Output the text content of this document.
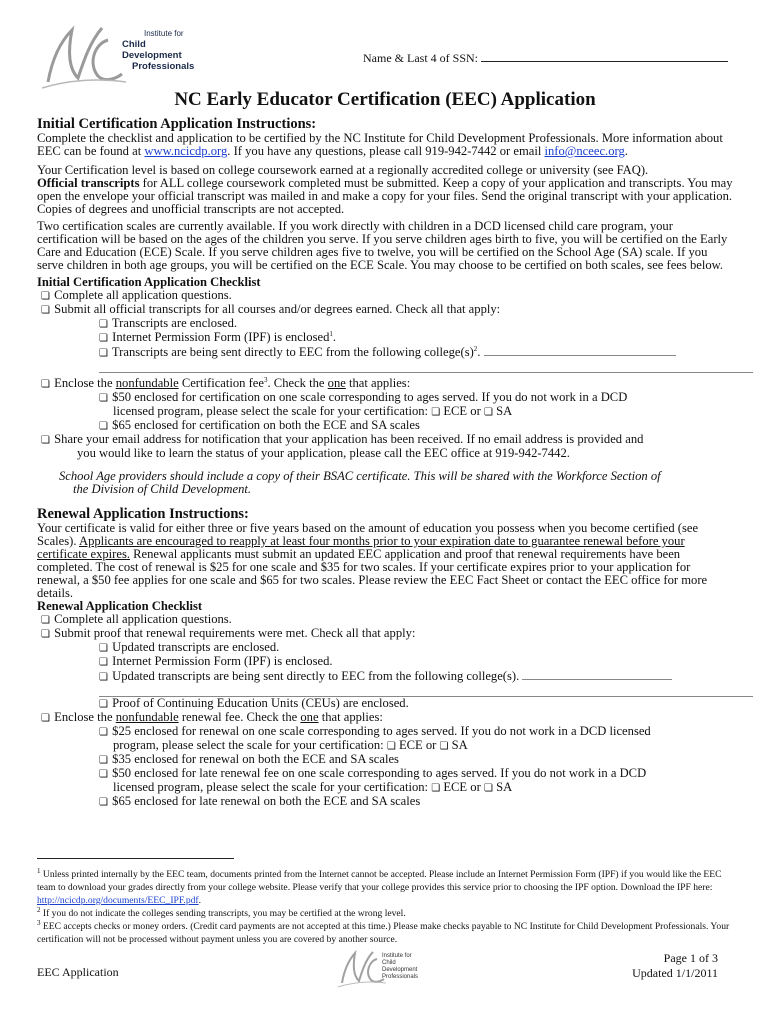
Institute for
Child Development
Professionals
Name & Last 4 of SSN:
NC Early Educator Certification (EEC) Application

Initial Certification Application Instructions:

Complete the checklist and application to be certified by the NC Institute for Child Development Professionals. More information about EEC can be found at www.ncicdp.org. If you have any questions, please call 919-942-7442 or email info@nceec.org.

Your Certification level is based on college coursework earned at a regionally accredited college or university (see FAQ).
Official transcripts for ALL college coursework completed must be submitted. Keep a copy of your application and transcripts. You may open the envelope your official transcript was mailed in and make a copy for your files. Send the original transcript with your application. Copies of degrees and unofficial transcripts are not accepted.

Two certification scales are currently available. If you work directly with children in a DCD licensed child care program, your certification will be based on the ages of the children you serve. If you serve children ages birth to five, you will be certified on the Early Care and Education (ECE) Scale. If you serve children ages five to twelve, you will be certified on the School Age (SA) scale. If you serve children in both age groups, you will be certified on the ECE Scale. You may choose to be certified on both scales, see fees below.

Initial Certification Application Checklist

❏ Complete all application questions.
❏ Submit all official transcripts for all courses and/or degrees earned. Check all that apply:
❏ Transcripts are enclosed.
❏ Internet Permission Form (IPF) is enclosed$^1$.
❏ Transcripts are being sent directly to EEC from the following $college(s)^2$.
❏ Enclose the nonfundable Certification fee$^3$. Check the one that applies:
❏ $50 enclosed for certification on one scale corresponding to ages served. If you do not work in a DCD
licensed program, please select the scale for your certification: ❏ ECE or ❏ SA
❏ $65 enclosed for certification on both the ECE and SA scales
❏ Share your email address for notification that your application has been received. If no email address is provided and
you would like to learn the status of your application, please call the EEC office at 919-942-7442.

School Age providers should include a copy of their BSAC certificate. This will be shared with the Workforce Section of
the Division of Child Development.

Renewal Application Instructions:

Your certificate is valid for either three or five years based on the amount of education you possess when you become certified (see Scales). Applicants are encouraged to reapply at least four months prior to your expiration date to guarantee renewal before your certificate expires. Renewal applicants must submit an updated EEC application and proof that renewal requirements have been completed. The cost of renewal is $25 for one scale and $35 for two scales. If your certificate expires prior to your application for renewal, a $50 fee applies for one scale and $65 for two scales. Please review the EEC Fact Sheet or contact the EEC office for more details.

Renewal Application Checklist

❏ Complete all application questions.
❏ Submit proof that renewal requirements were met. Check all that apply:
❏ Updated transcripts are enclosed.
❏ Internet Permission Form (IPF) is enclosed.
❏ Updated transcripts are being sent directly to EEC from the following college(s).
❏ Proof of Continuing Education Units (CEUs) are enclosed.
❏ Enclose the nonfundable renewal fee. Check the one that applies:
❏ $25 enclosed for renewal on one scale corresponding to ages served. If you do not work in a DCD licensed
program, please select the scale for your certification: ❏ ECE or ❏ SA
❏ $35 enclosed for renewal on both the ECE and SA scales
❏ $50 enclosed for late renewal fee on one scale corresponding to ages served. If you do not work in a DCD
licensed program, please select the scale for your certification: ❏ ECE or ❏ SA
❏ $65 enclosed for late renewal on both the ECE and SA scales

$^1$ Unless printed internally by the EEC team, documents printed from the Internet cannot be accepted. Please include an Internet Permission Form (IPF) if you would like the EEC team to download your grades directly from your college website. Please verify that your college provides this service prior to choosing the IPF option. Download the IPF here: http://ncicdp.org/documents/EEC_IPF.pdf.

$^2$ If you do not indicate the colleges sending transcripts, you may be certified at the wrong level.

$^3$ EEC accepts checks or money orders. (Credit card payments are not accepted at this time.) Please make checks payable to NC Institute for Child Development Professionals. Your certification will not be processed without payment unless you are covered by another source.

EEC Application
Institute for
Child Development
Professionals
Page 1 of 3
Updated 1/1/2011
